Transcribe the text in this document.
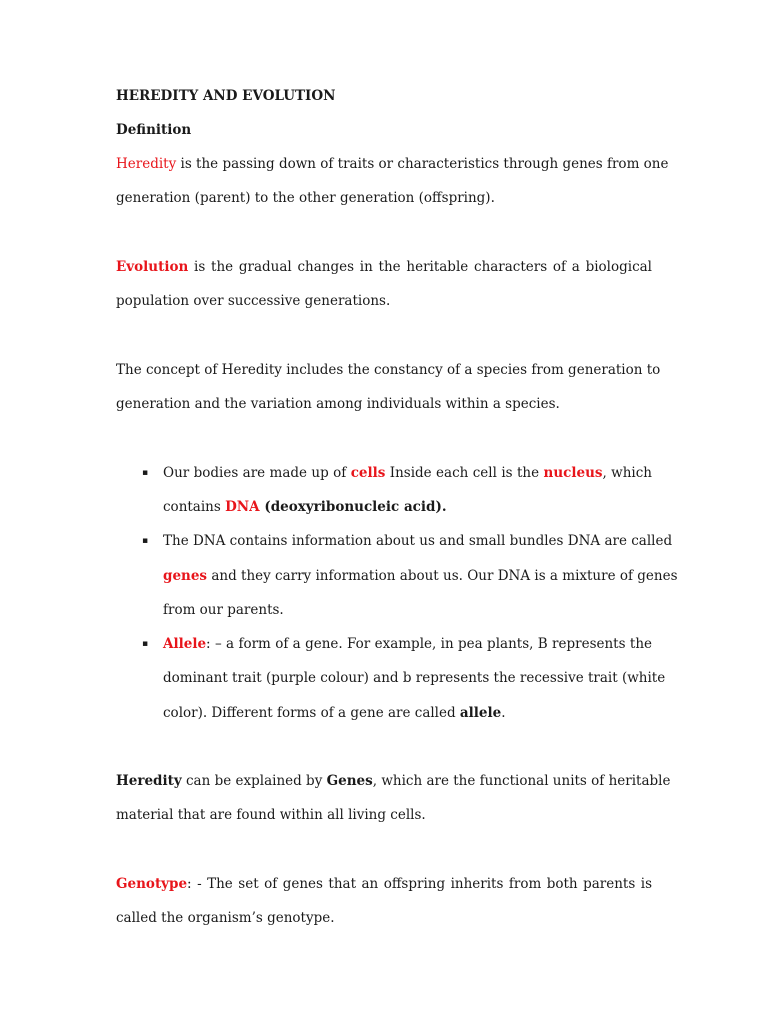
HEREDITY AND EVOLUTION
Definition
Heredity is the passing down of traits or characteristics through genes from one
generation (parent) to the other generation (offspring).
Evolution is the gradual changes in the heritable characters of a biological
population over successive generations.
The concept of Heredity includes the constancy of a species from generation to
generation and the variation among individuals within a species.
▪	Our bodies are made up of cells Inside each cell is the nucleus, which
contains DNA (deoxyribonucleic acid).
▪	The DNA contains information about us and small bundles DNA are called
genes and they carry information about us. Our DNA is a mixture of genes
from our parents.
▪	Allele: – a form of a gene. For example, in pea plants, B represents the
dominant trait (purple colour) and b represents the recessive trait (white
color). Different forms of a gene are called allele.
Heredity can be explained by Genes, which are the functional units of heritable
material that are found within all living cells.
Genotype: - The set of genes that an offspring inherits from both parents is
called the organism’s genotype.
